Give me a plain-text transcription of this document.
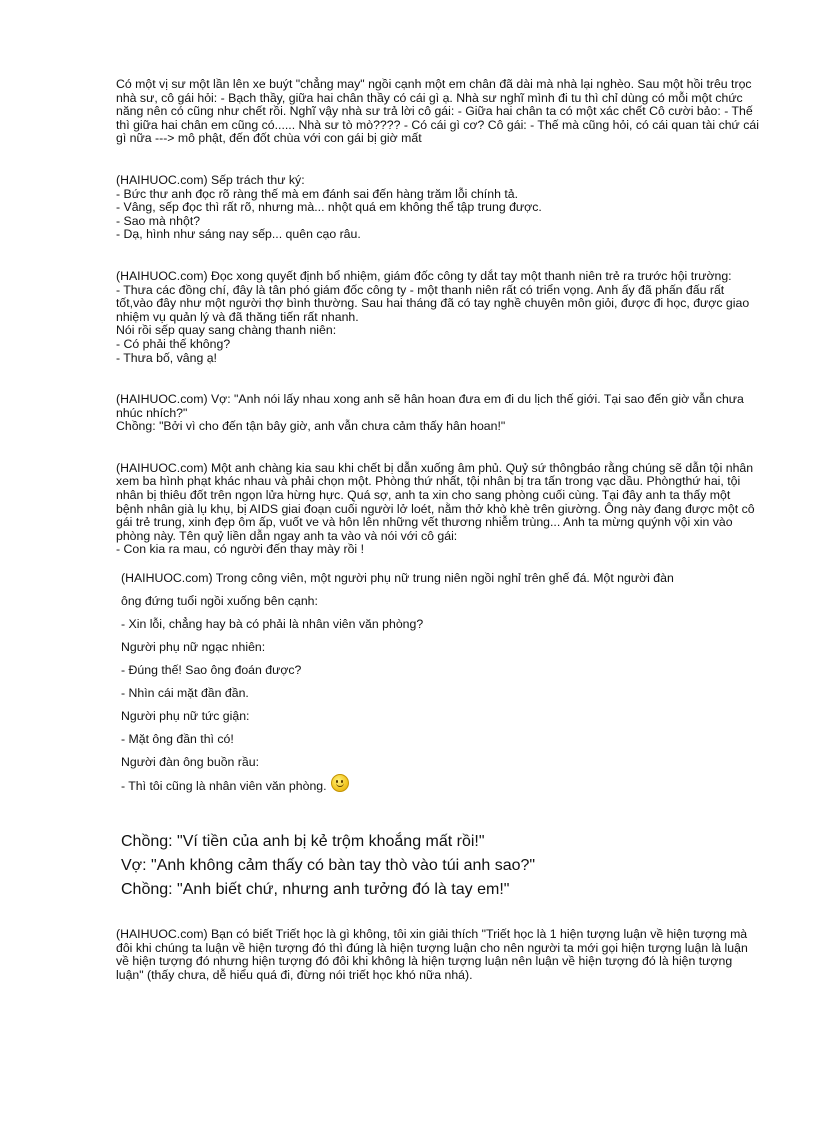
Có một vị sư một lần lên xe buýt "chẳng may" ngồi cạnh một em chân đã dài mà nhà lại nghèo. Sau một hồi trêu trọc nhà sư, cô gái hỏi: - Bạch thầy, giữa hai chân thầy có cái gì ạ. Nhà sư nghĩ mình đi tu thì chỉ dùng có mỗi một chức năng nên có cũng như chết rồi. Nghĩ vậy nhà sư trả lời cô gái: - Giữa hai chân ta có một xác chết Cô cười bảo: - Thế thì giữa hai chân em cũng có...... Nhà sư tò mò???? - Có cái gì cơ? Cô gái: - Thế mà cũng hỏi, có cái quan tài chứ cái gì nữa ---> mô phật, đến đốt chùa với con gái bị giờ mất

(HAIHUOC.com) Sếp trách thư ký:

- Bức thư anh đọc rõ ràng thế mà em đánh sai đến hàng trăm lỗi chính tả.

- Vâng, sếp đọc thì rất rõ, nhưng mà... nhột quá em không thể tập trung được.

- Sao mà nhột?

- Dạ, hình như sáng nay sếp... quên cạo râu.

(HAIHUOC.com) Đọc xong quyết định bổ nhiệm, giám đốc công ty dắt tay một thanh niên trẻ ra trước hội trường:

- Thưa các đồng chí, đây là tân phó giám đốc công ty - một thanh niên rất có triển vọng. Anh ấy đã phấn đấu rất tốt,vào đây như một người thợ bình thường. Sau hai tháng đã có tay nghề chuyên môn giỏi, được đi học, được giao nhiệm vụ quản lý và đã thăng tiến rất nhanh.

Nói rồi sếp quay sang chàng thanh niên:

- Có phải thế không?

- Thưa bố, vâng ạ!

(HAIHUOC.com) Vợ: "Anh nói lấy nhau xong anh sẽ hân hoan đưa em đi du lịch thế giới. Tại sao đến giờ vẫn chưa nhúc nhích?"

Chồng: "Bởi vì cho đến tận bây giờ, anh vẫn chưa cảm thấy hân hoan!"

(HAIHUOC.com) Một anh chàng kia sau khi chết bị dẫn xuống âm phủ. Quỷ sứ thôngbáo rằng chúng sẽ dẫn tội nhân xem ba hình phạt khác nhau và phải chọn một. Phòng thứ nhất, tội nhân bị tra tấn trong vạc dầu. Phòngthứ hai, tội nhân bị thiêu đốt trên ngọn lửa hừng hực. Quá sợ, anh ta xin cho sang phòng cuối cùng. Tại đây anh ta thấy một bệnh nhân già lụ khụ, bị AIDS giai đoạn cuối người lở loét, nằm thở khò khè trên giường. Ông này đang được một cô gái trẻ trung, xinh đẹp ôm ấp, vuốt ve và hôn lên những vết thương nhiễm trùng... Anh ta mừng quýnh vội xin vào phòng này. Tên quỷ liền dẫn ngay anh ta vào và nói với cô gái:

- Con kia ra mau, có người đến thay mày rồi !

(HAIHUOC.com) Trong công viên, một người phụ nữ trung niên ngồi nghỉ trên ghế đá. Một người đàn

ông đứng tuổi ngồi xuống bên cạnh:

- Xin lỗi, chẳng hay bà có phải là nhân viên văn phòng?

Người phụ nữ ngạc nhiên:

- Đúng thế! Sao ông đoán được?

- Nhìn cái mặt đần đần.

Người phụ nữ tức giận:

- Mặt ông đần thì có!

Người đàn ông buồn rầu:

- Thì tôi cũng là nhân viên văn phòng.

Chồng: "Ví tiền của anh bị kẻ trộm khoắng mất rồi!"

Vợ: "Anh không cảm thấy có bàn tay thò vào túi anh sao?"

Chồng: "Anh biết chứ, nhưng anh tưởng đó là tay em!"

(HAIHUOC.com) Bạn có biết Triết học là gì không, tôi xin giải thích "Triết học là 1 hiện tượng luận về hiện tượng mà đôi khi chúng ta luận về hiện tượng đó thì đúng là hiện tượng luận cho nên người ta mới gọi hiện tượng luận là luận về hiện tượng đó nhưng hiện tượng đó đôi khi không là hiện tượng luận nên luận về hiện tượng đó là hiện tượng luận" (thấy chưa, dễ hiểu quá đi, đừng nói triết học khó nữa nhá).
